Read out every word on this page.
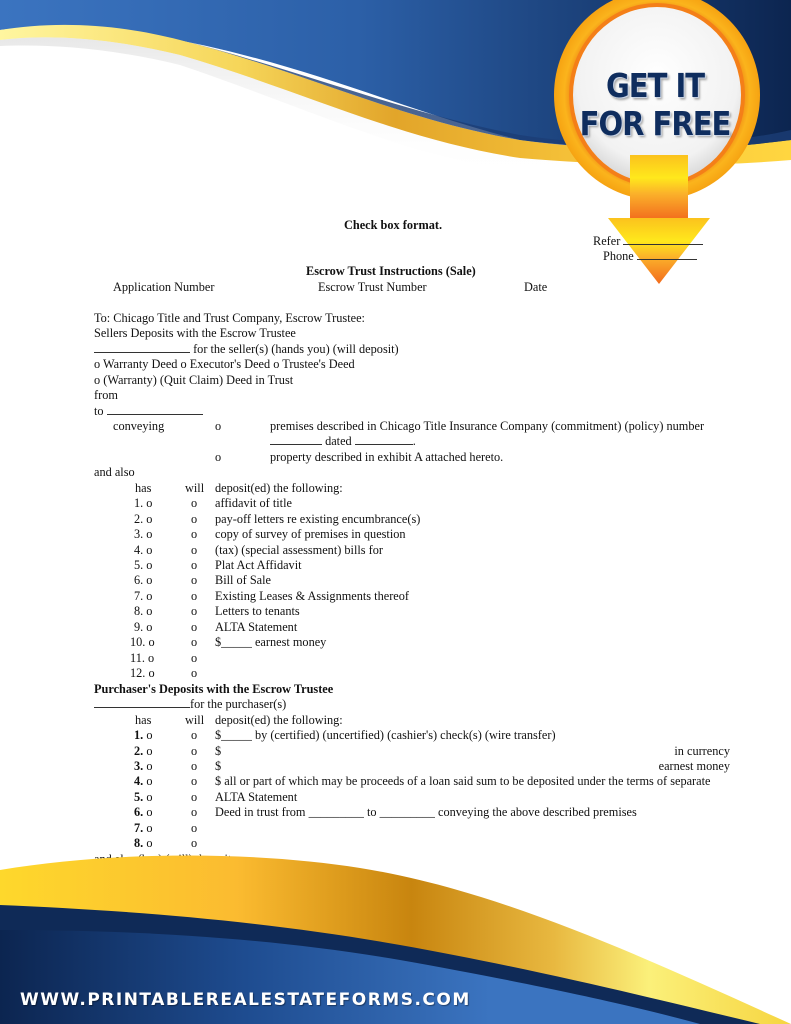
GET IT
FOR FREE
Check box format.
Refer
Phone
Escrow Trust Instructions (Sale)
Application Number	Escrow Trust Number	Date
To: Chicago Title and Trust Company, Escrow Trustee:
Sellers Deposits with the Escrow Trustee
for the seller(s) (hands you) (will deposit)
o Warranty Deed o Executor's Deed o Trustee's Deed
o (Warranty) (Quit Claim) Deed in Trust
from
to
conveying	o	premises described in Chicago Title Insurance Company (commitment) (policy) number
dated	.
o	property described in exhibit A attached hereto.
and also
has	will deposit(ed) the following:
1. o	o affidavit of title
2. o	o pay-off letters re existing encumbrance(s)
3. o	o copy of survey of premises in question
4. o	o (tax) (special assessment) bills for
5. o	o Plat Act Affidavit
6. o	o Bill of Sale
7. o	o Existing Leases & Assignments thereof
8. o	o Letters to tenants
9. o	o ALTA Statement
10. o	o $_____ earnest money
11. o	o
12. o	o
Purchaser's Deposits with the Escrow Trustee
for the purchaser(s)
has	will deposit(ed) the following:
1. o	o $_____ by (certified) (uncertified) (cashier's) check(s) (wire transfer)
2. o	o $	in currency
3. o	o $	earnest money
4. o	o $ all or part of which may be proceeds of a loan said sum to be deposited under the terms of separate
5. o	o ALTA Statement
6. o	o Deed in trust from _________ to _________ conveying the above described premises
7. o	o
8. o	o
WWW.PRINTABLEREALESTATEFORMS.COM
